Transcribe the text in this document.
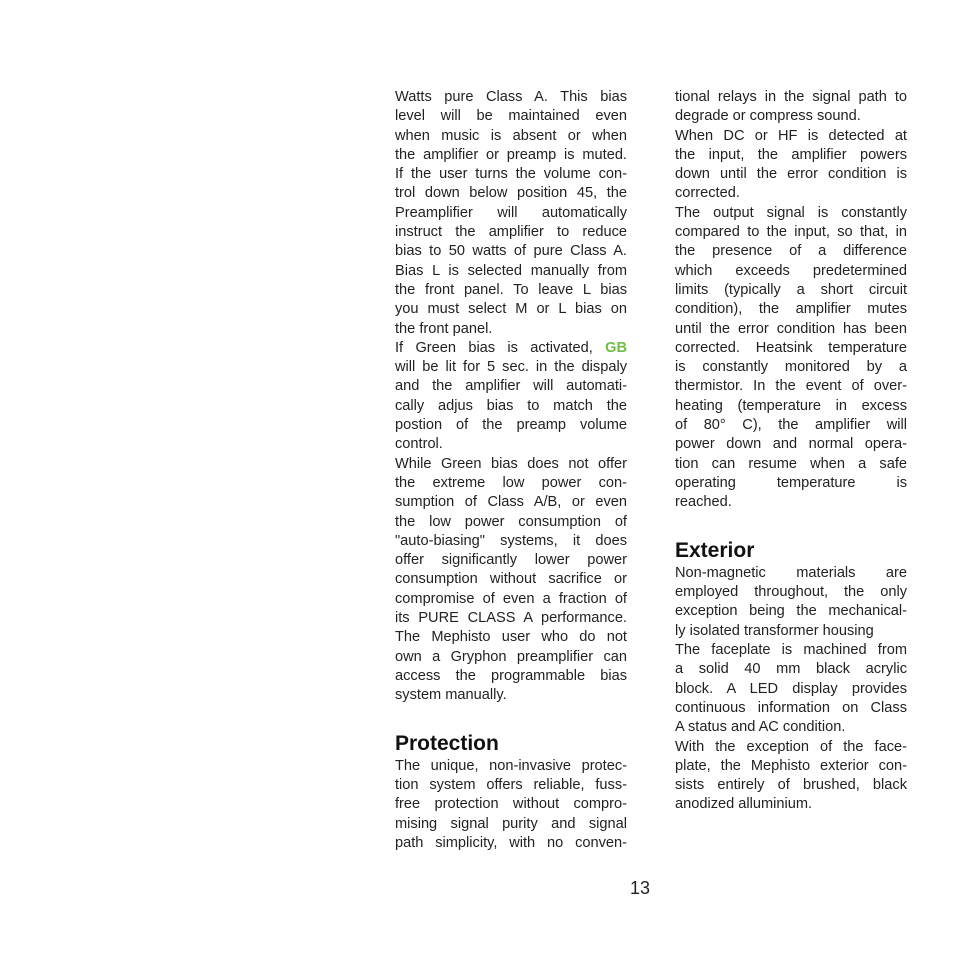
Watts pure Class A. This bias
level will be maintained even
when music is absent or when
the amplifier or preamp is muted.
If the user turns the volume con-
trol down below position 45, the
Preamplifier will automatically
instruct the amplifier to reduce
bias to 50 watts of pure Class A.
Bias L is selected manually from
the front panel. To leave L bias
you must select M or L bias on
the front panel.
If Green bias is activated, GB
will be lit for 5 sec. in the dispaly
and the amplifier will automati-
cally adjus bias to match the
postion of the preamp volume
control.
While Green bias does not offer
the extreme low power con-
sumption of Class A/B, or even
the low power consumption of
"auto-biasing" systems, it does
offer significantly lower power
consumption without sacrifice or
compromise of even a fraction of
its PURE CLASS A performance.
The Mephisto user who do not
own a Gryphon preamplifier can
access the programmable bias
system manually.
Protection
The unique, non-invasive protec-
tion system offers reliable, fuss-
free protection without compro-
mising signal purity and signal
path simplicity, with no conven-
tional relays in the signal path to
degrade or compress sound.
When DC or HF is detected at
the input, the amplifier powers
down until the error condition is
corrected.
The output signal is constantly
compared to the input, so that, in
the presence of a difference
which exceeds predetermined
limits (typically a short circuit
condition), the amplifier mutes
until the error condition has been
corrected. Heatsink temperature
is constantly monitored by a
thermistor. In the event of over-
heating (temperature in excess
of 80° C), the amplifier will
power down and normal opera-
tion can resume when a safe
operating temperature is
reached.
Exterior
Non-magnetic materials are
employed throughout, the only
exception being the mechanical-
ly isolated transformer housing
The faceplate is machined from
a solid 40 mm black acrylic
block. A LED display provides
continuous information on Class
A status and AC condition.
With the exception of the face-
plate, the Mephisto exterior con-
sists entirely of brushed, black
anodized alluminium.
13
